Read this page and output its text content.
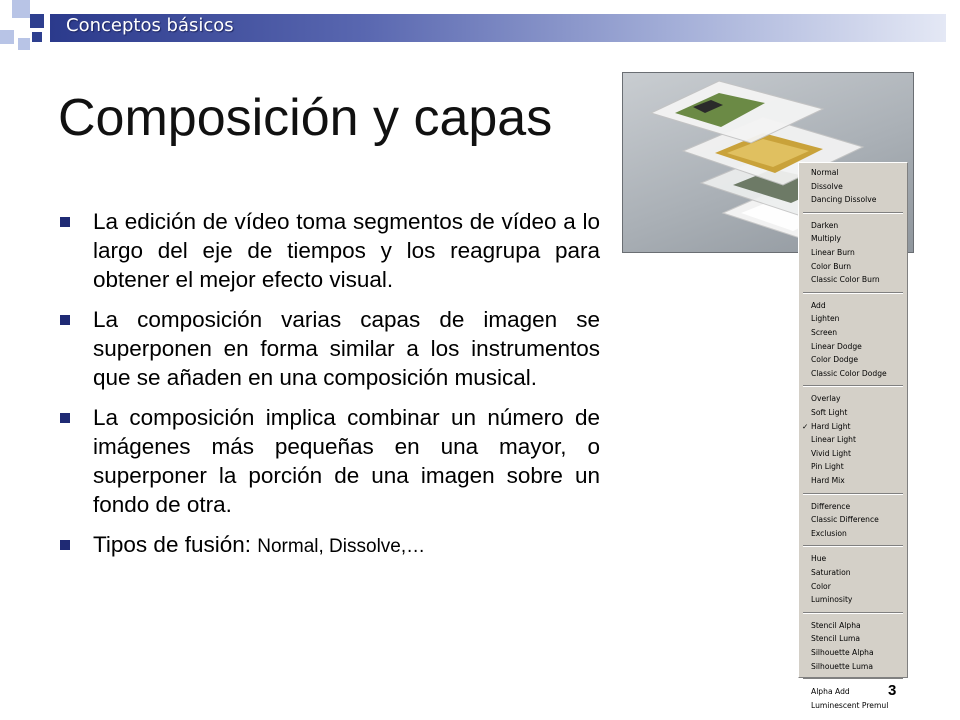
Conceptos básicos
Composición y capas
La edición de vídeo toma segmentos de vídeo a lo largo del eje de tiempos y los reagrupa para obtener el mejor efecto visual.
La composición varias capas de imagen se superponen en forma similar a los instrumentos que se añaden en una composición musical.
La composición implica combinar un número de imágenes más pequeñas en una mayor, o superponer la porción de una imagen sobre un fondo de otra.
Tipos de fusión: Normal, Dissolve,…
Normal
Dissolve
Dancing Dissolve
Darken
Multiply
Linear Burn
Color Burn
Classic Color Burn
Add
Lighten
Screen
Linear Dodge
Color Dodge
Classic Color Dodge
Overlay
Soft Light
Hard Light
✓
Linear Light
Vivid Light
Pin Light
Hard Mix
Difference
Classic Difference
Exclusion
Hue
Saturation
Color
Luminosity
Stencil Alpha
Stencil Luma
Silhouette Alpha
Silhouette Luma
Alpha Add
Luminescent Premul
3
